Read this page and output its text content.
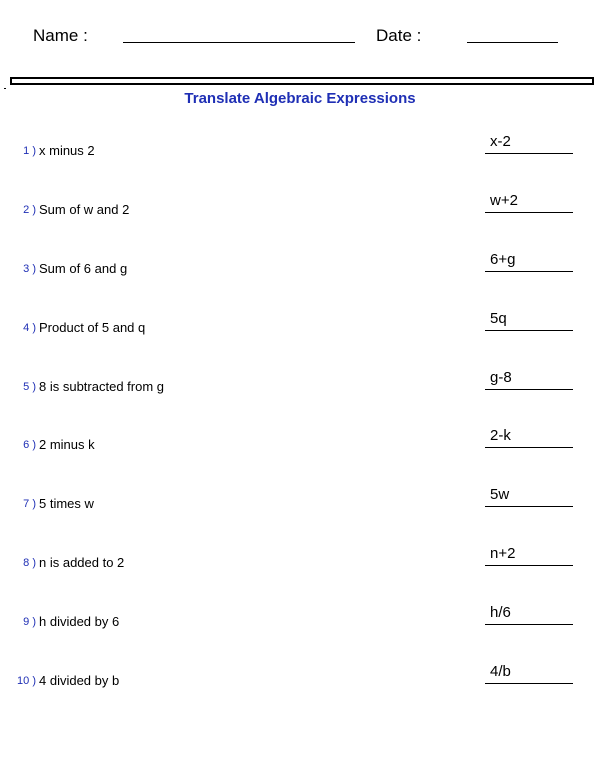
Name :	Date :
Translate Algebraic Expressions
1 ) x minus 2
x-2
2 ) Sum of w and 2
w+2
3 ) Sum of 6 and g
6+g
4 ) Product of 5 and q
5q
5 ) 8 is subtracted from g
g-8
6 ) 2 minus k
2-k
7 ) 5 times w
5w
8 ) n is added to 2
n+2
9 ) h divided by 6
h/6
10 ) 4 divided by b
4/b
